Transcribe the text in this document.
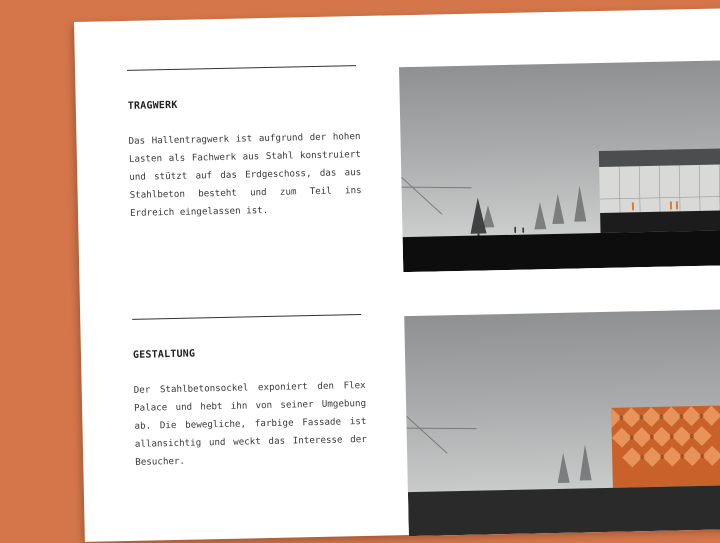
TRAGWERK
Das Hallentragwerk ist aufgrund der hohen Lasten als Fachwerk aus Stahl konstruiert und stützt auf das Erdgeschoss, das aus Stahlbeton besteht und zum Teil ins Erdreich eingelassen ist.
GESTALTUNG
Der Stahlbetonsockel exponiert den Flex Palace und hebt ihn von seiner Umgebung ab. Die bewegliche, farbige Fassade ist allansichtig und weckt das Interesse der Besucher.
